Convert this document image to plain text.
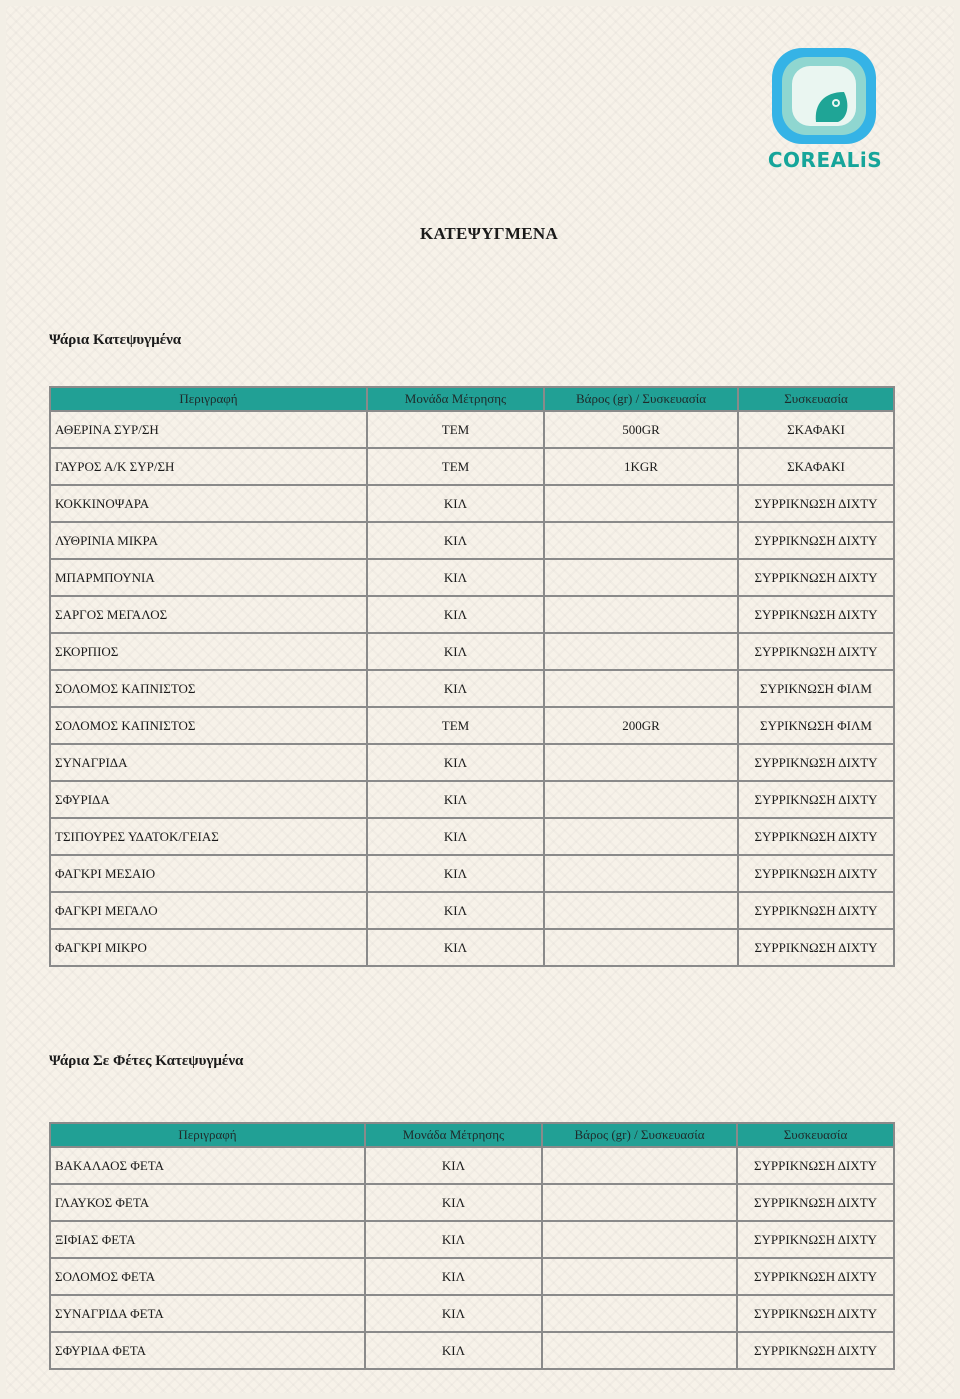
COREALiS
ΚΑΤΕΨΥΓΜΕΝΑ
Ψάρια Κατεψυγμένα
Περιγραφή	Μονάδα Μέτρησης	Βάρος (gr) / Συσκευασία	Συσκευασία
ΑΘΕΡΙΝΑ ΣΥΡ/ΣΗ	ΤΕΜ	500GR	ΣΚΑΦΑΚΙ
ΓΑΥΡΟΣ Α/Κ ΣΥΡ/ΣΗ	ΤΕΜ	1KGR	ΣΚΑΦΑΚΙ
ΚΟΚΚΙΝΟΨΑΡΑ	ΚΙΛ		ΣΥΡΡΙΚΝΩΣΗ ΔΙΧΤΥ
ΛΥΘΡΙΝΙΑ ΜΙΚΡΑ	ΚΙΛ		ΣΥΡΡΙΚΝΩΣΗ ΔΙΧΤΥ
ΜΠΑΡΜΠΟΥΝΙΑ	ΚΙΛ		ΣΥΡΡΙΚΝΩΣΗ ΔΙΧΤΥ
ΣΑΡΓΟΣ ΜΕΓΑΛΟΣ	ΚΙΛ		ΣΥΡΡΙΚΝΩΣΗ ΔΙΧΤΥ
ΣΚΟΡΠΙΟΣ	ΚΙΛ		ΣΥΡΡΙΚΝΩΣΗ ΔΙΧΤΥ
ΣΟΛΟΜΟΣ ΚΑΠΝΙΣΤΟΣ	ΚΙΛ		ΣΥΡΙΚΝΩΣΗ ΦΙΛΜ
ΣΟΛΟΜΟΣ ΚΑΠΝΙΣΤΟΣ	ΤΕΜ	200GR	ΣΥΡΙΚΝΩΣΗ ΦΙΛΜ
ΣΥΝΑΓΡΙΔΑ	ΚΙΛ		ΣΥΡΡΙΚΝΩΣΗ ΔΙΧΤΥ
ΣΦΥΡΙΔΑ	ΚΙΛ		ΣΥΡΡΙΚΝΩΣΗ ΔΙΧΤΥ
ΤΣΙΠΟΥΡΕΣ ΥΔΑΤΟΚ/ΓΕΙΑΣ	ΚΙΛ		ΣΥΡΡΙΚΝΩΣΗ ΔΙΧΤΥ
ΦΑΓΚΡΙ ΜΕΣΑΙΟ	ΚΙΛ		ΣΥΡΡΙΚΝΩΣΗ ΔΙΧΤΥ
ΦΑΓΚΡΙ ΜΕΓΑΛΟ	ΚΙΛ		ΣΥΡΡΙΚΝΩΣΗ ΔΙΧΤΥ
ΦΑΓΚΡΙ ΜΙΚΡΟ	ΚΙΛ		ΣΥΡΡΙΚΝΩΣΗ ΔΙΧΤΥ
Ψάρια Σε Φέτες Κατεψυγμένα
Περιγραφή	Μονάδα Μέτρησης	Βάρος (gr) / Συσκευασία	Συσκευασία
ΒΑΚΑΛΑΟΣ ΦΕΤΑ	ΚΙΛ		ΣΥΡΡΙΚΝΩΣΗ ΔΙΧΤΥ
ΓΛΑΥΚΟΣ ΦΕΤΑ	ΚΙΛ		ΣΥΡΡΙΚΝΩΣΗ ΔΙΧΤΥ
ΞΙΦΙΑΣ ΦΕΤΑ	ΚΙΛ		ΣΥΡΡΙΚΝΩΣΗ ΔΙΧΤΥ
ΣΟΛΟΜΟΣ ΦΕΤΑ	ΚΙΛ		ΣΥΡΡΙΚΝΩΣΗ ΔΙΧΤΥ
ΣΥΝΑΓΡΙΔΑ ΦΕΤΑ	ΚΙΛ		ΣΥΡΡΙΚΝΩΣΗ ΔΙΧΤΥ
ΣΦΥΡΙΔΑ ΦΕΤΑ	ΚΙΛ		ΣΥΡΡΙΚΝΩΣΗ ΔΙΧΤΥ
